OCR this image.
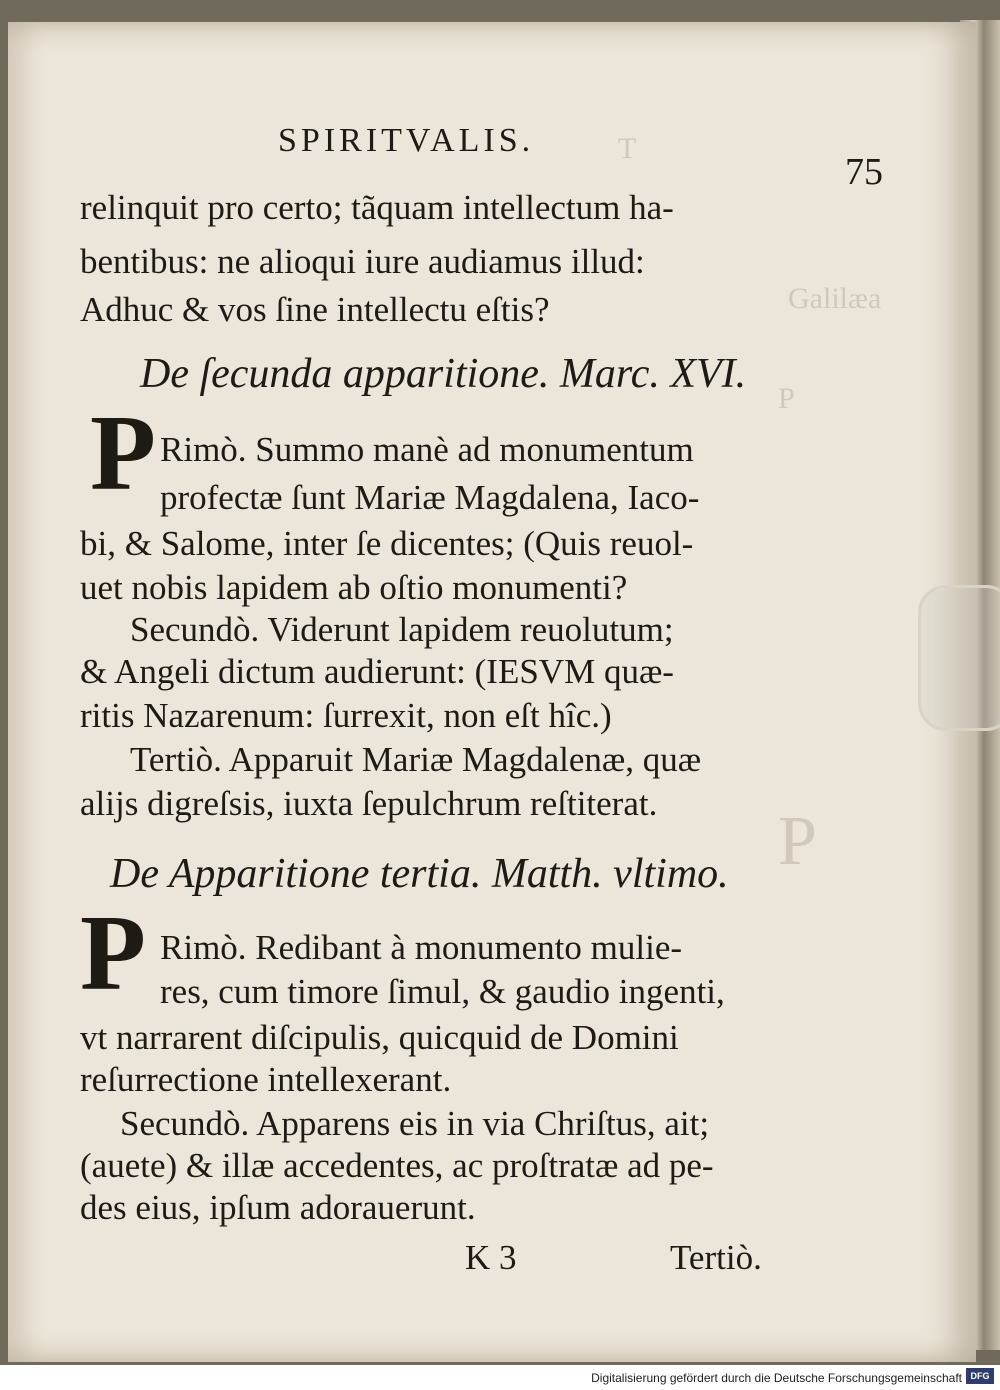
T
Galilæa
P
P
SPIRITVALIS.
75
relinquit pro certo; tãquam intellectum ha-
bentibus: ne alioqui iure audiamus illud:
Adhuc & vos ſine intellectu eſtis?
De ſecunda apparitione. Marc. XVI.
P Rimò. Summo manè ad monumentum
profectæ ſunt Mariæ Magdalena, Iaco-
bi, & Salome, inter ſe dicentes; (Quis reuol-
uet nobis lapidem ab oſtio monumenti?
Secundò. Viderunt lapidem reuolutum;
& Angeli dictum audierunt: (IESVM quæ-
ritis Nazarenum: ſurrexit, non eſt hîc.)
Tertiò. Apparuit Mariæ Magdalenæ, quæ
alijs digreſsis, iuxta ſepulchrum reſtiterat.
De Apparitione tertia. Matth. vltimo.
P Rimò. Redibant à monumento mulie-
res, cum timore ſimul, & gaudio ingenti,
vt narrarent diſcipulis, quicquid de Domini
reſurrectione intellexerant.
Secundò. Apparens eis in via Chriſtus, ait;
(auete) & illæ accedentes, ac proſtratæ ad pe-
des eius, ipſum adorauerunt.
K 3	Tertiò.
Digitalisierung gefördert durch die Deutsche Forschungsgemeinschaft DFG
